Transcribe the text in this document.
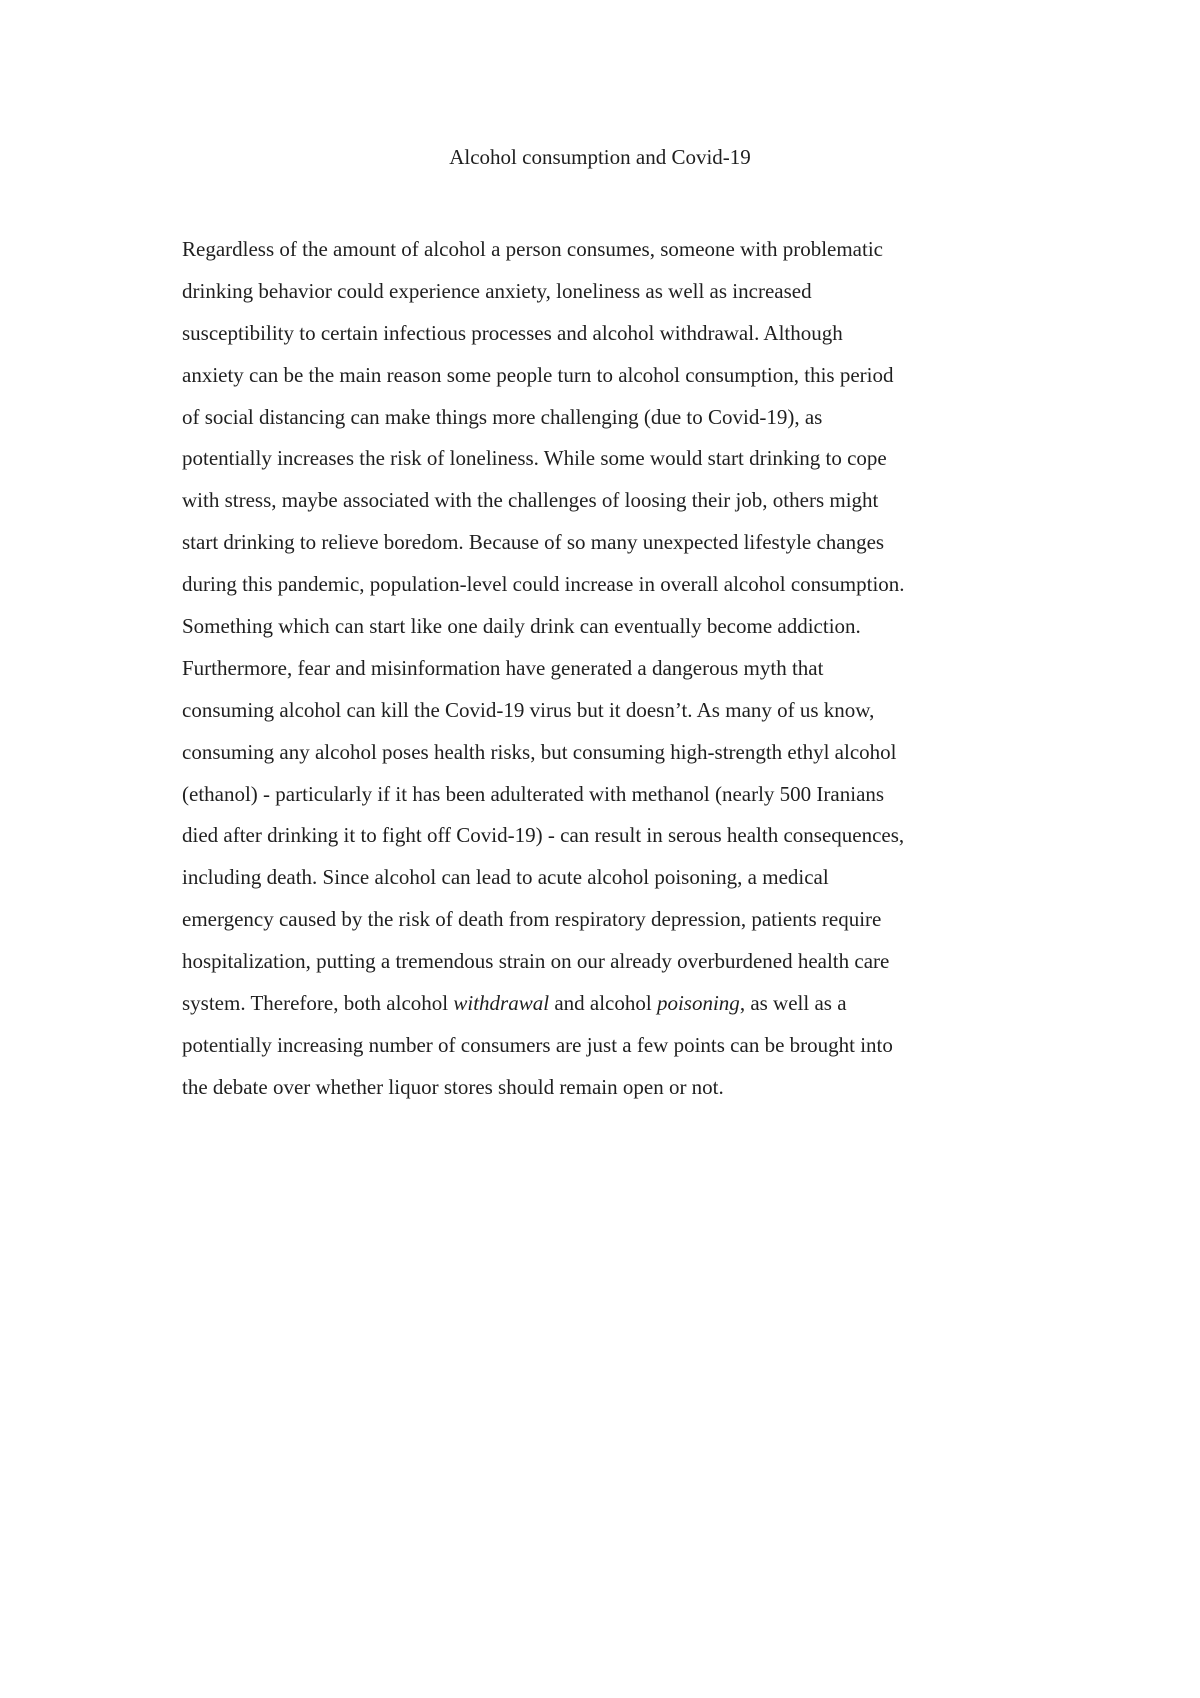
Alcohol consumption and Covid-19
Regardless of the amount of alcohol a person consumes, someone with problematic
drinking behavior could experience anxiety, loneliness as well as increased
susceptibility to certain infectious processes and alcohol withdrawal. Although
anxiety can be the main reason some people turn to alcohol consumption, this period
of social distancing can make things more challenging (due to Covid-19), as
potentially increases the risk of loneliness. While some would start drinking to cope
with stress, maybe associated with the challenges of loosing their job, others might
start drinking to relieve boredom. Because of so many unexpected lifestyle changes
during this pandemic, population-level could increase in overall alcohol consumption.
Something which can start like one daily drink can eventually become addiction.
Furthermore, fear and misinformation have generated a dangerous myth that
consuming alcohol can kill the Covid-19 virus but it doesn’t. As many of us know,
consuming any alcohol poses health risks, but consuming high-strength ethyl alcohol
(ethanol) - particularly if it has been adulterated with methanol (nearly 500 Iranians
died after drinking it to fight off Covid-19) - can result in serous health consequences,
including death. Since alcohol can lead to acute alcohol poisoning, a medical
emergency caused by the risk of death from respiratory depression, patients require
hospitalization, putting a tremendous strain on our already overburdened health care
system. Therefore, both alcohol withdrawal and alcohol poisoning, as well as a
potentially increasing number of consumers are just a few points can be brought into
the debate over whether liquor stores should remain open or not.
